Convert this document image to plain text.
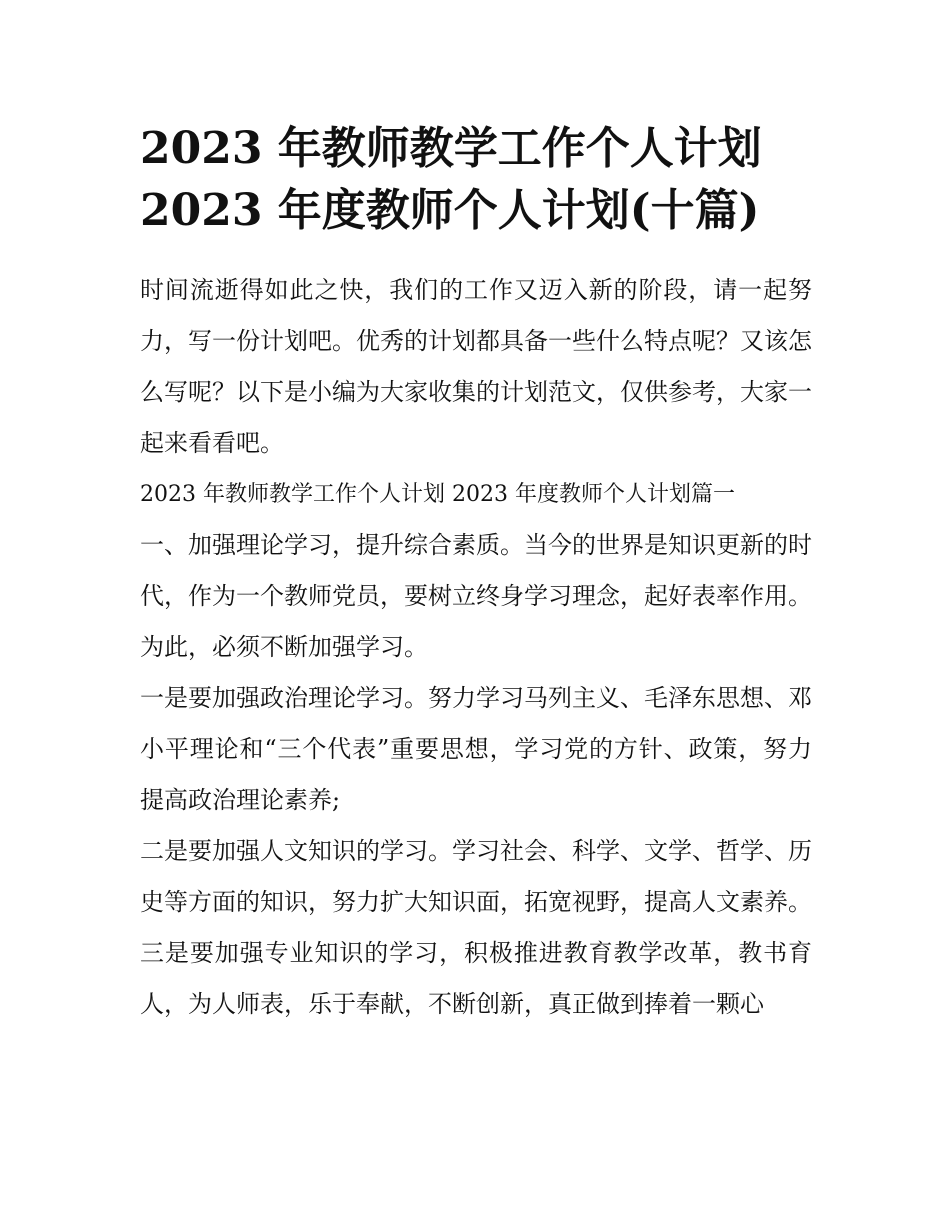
2023 年教师教学工作个人计划
2023 年度教师个人计划(十篇)

时间流逝得如此之快，我们的工作又迈入新的阶段，请一起努力，写一份计划吧。优秀的计划都具备一些什么特点呢？又该怎么写呢？以下是小编为大家收集的计划范文，仅供参考，大家一起来看看吧。

2023 年教师教学工作个人计划 2023 年度教师个人计划篇一

一、加强理论学习，提升综合素质。当今的世界是知识更新的时代，作为一个教师党员，要树立终身学习理念，起好表率作用。为此，必须不断加强学习。

一是要加强政治理论学习。努力学习马列主义、毛泽东思想、邓小平理论和“三个代表”重要思想，学习党的方针、政策，努力提高政治理论素养;

二是要加强人文知识的学习。学习社会、科学、文学、哲学、历史等方面的知识，努力扩大知识面，拓宽视野，提高人文素养。

三是要加强专业知识的学习，积极推进教育教学改革，教书育人，为人师表，乐于奉献，不断创新，真正做到捧着一颗心
